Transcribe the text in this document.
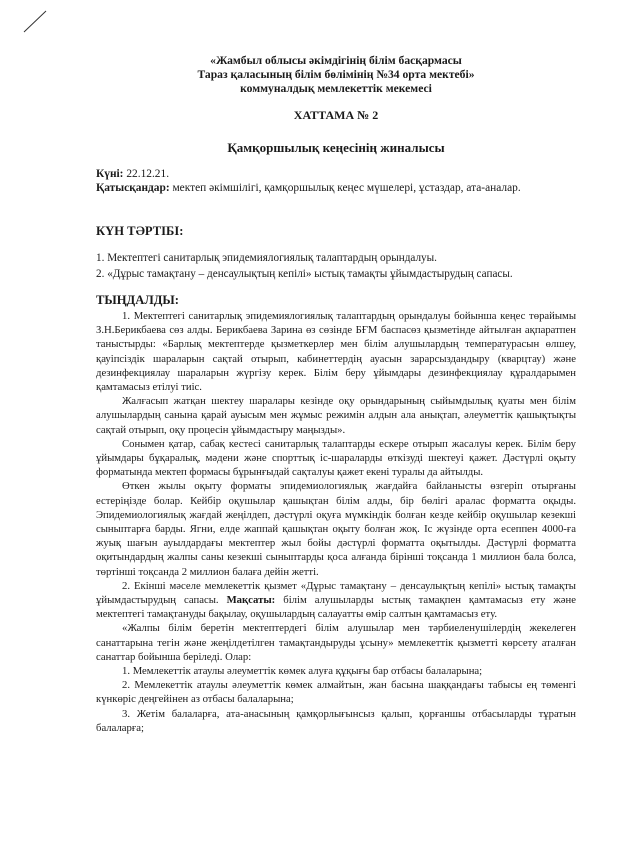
«Жамбыл облысы әкімдігінің білім басқармасы
Тараз қаласының білім бөлімінің №34 орта мектебі»
коммуналдық мемлекеттік мекемесі
ХАТТАМА № 2
Қамқоршылық кеңесінің жиналысы
Күні: 22.12.21.
Қатысқандар: мектеп әкімшілігі, қамқоршылық кеңес мүшелері, ұстаздар, ата-аналар.
КҮН ТӘРТІБІ:
1. Мектептегі санитарлық эпидемиялогиялық талаптардың орындалуы.
2. «Дұрыс тамақтану – денсаулықтың кепілі» ыстық тамақты ұйымдастырудың сапасы.
ТЫҢДАЛДЫ:

1. Мектептегі санитарлық эпидемиялогиялық талаптардың орындалуы бойынша кеңес төрайымы З.Н.Берикбаева сөз алды. Берикбаева Зарина өз сөзінде БҒМ баспасөз қызметінде айтылған ақпаратпен таныстырды: «Барлық мектептерде қызметкерлер мен білім алушылардың температурасын өлшеу, қауіпсіздік шараларын сақтай отырып, кабинеттердің ауасын зарарсыздандыру (кварцтау) және дезинфекциялау шараларын жүргізу керек. Білім беру ұйымдары дезинфекциялау құралдарымен қамтамасыз етілуі тиіс.

Жалғасып жатқан шектеу шаралары кезінде оқу орындарының сыйымдылық қуаты мен білім алушылардың санына қарай ауысым мен жұмыс режимін алдын ала анықтап, әлеуметтік қашықтықты сақтай отырып, оқу процесін ұйымдастыру маңызды».

Сонымен қатар, сабақ кестесі санитарлық талаптарды ескере отырып жасалуы керек. Білім беру ұйымдары бұқаралық, мәдени және спорттық іс-шараларды өткізуді шектеуі қажет. Дәстүрлі оқыту форматында мектеп формасы бұрынғыдай сақталуы қажет екені туралы да айтылды.

Өткен жылы оқыту форматы эпидемиологиялық жағдайға байланысты өзгеріп отырғаны естеріңізде болар. Кейбір оқушылар қашықтан білім алды, бір бөлігі аралас форматта оқыды. Эпидемиологиялық жағдай жеңілдеп, дәстүрлі оқуға мүмкіндік болған кезде кейбір оқушылар кезекші сыныптарға барды. Ягни, елде жаппай қашықтан оқыту болған жоқ. Іс жүзінде орта есеппен 4000-ға жуық шағын ауылдардағы мектептер жыл бойы дәстүрлі форматта оқытылды. Дәстүрлі форматта оқитындардың жалпы саны кезекші сыныптарды қоса алғанда бірінші тоқсанда 1 миллион бала болса, төртінші тоқсанда 2 миллион балаға дейін жетті.

2. Екінші мәселе мемлекеттік қызмет «Дұрыс тамақтану – денсаулықтың кепілі» ыстық тамақты ұйымдастырудың сапасы. Мақсаты: білім алушыларды ыстық тамақпен қамтамасыз ету және мектептегі тамақтануды бақылау, оқушылардың салауатты өмір салтын қамтамасыз ету.

«Жалпы білім беретін мектептердегі білім алушылар мен тәрбиеленушілердің жекелеген санаттарына тегін және жеңілдетілген тамақтандыруды ұсыну» мемлекеттік қызметті көрсету аталған санаттар бойынша беріледі. Олар:

1. Мемлекеттік атаулы әлеуметтік көмек алуға құқығы бар отбасы балаларына;

2. Мемлекеттік атаулы әлеуметтік көмек алмайтын, жан басына шаққандағы табысы ең төменгі күнкөріс деңгейінен аз отбасы балаларына;

3. Жетім балаларға, ата-анасының қамқорлығынсыз қалып, қорғаншы отбасыларды тұратын балаларға;
